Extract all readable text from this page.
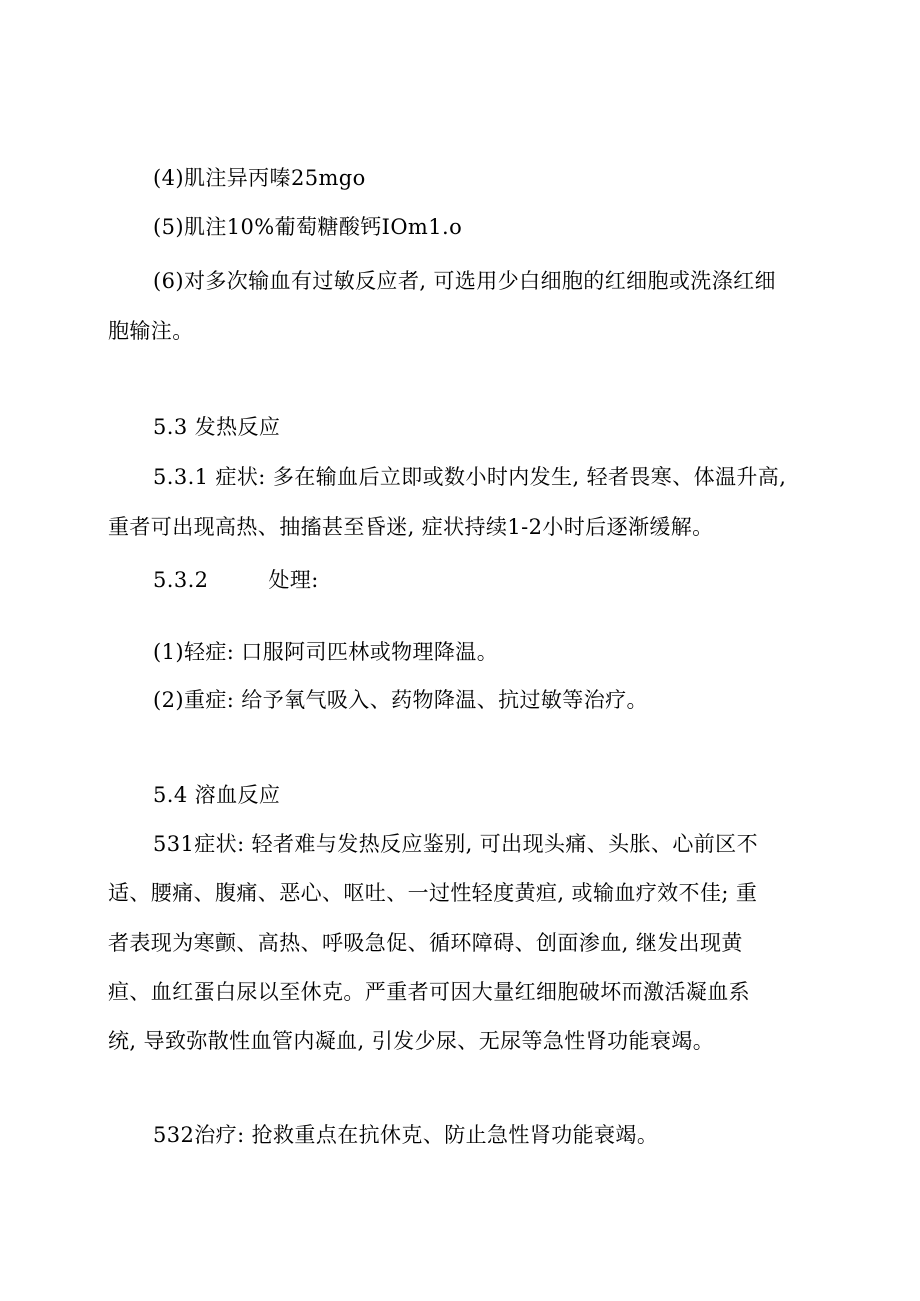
(4)肌注异丙嗪25mgo
(5)肌注10%葡萄糖酸钙IOm1.o
(6)对多次输血有过敏反应者, 可选用少白细胞的红细胞或洗涤红细
胞输注。
5.3 发热反应
5.3.1 症状: 多在输血后立即或数小时内发生, 轻者畏寒、体温升高,
重者可出现高热、抽搐甚至昏迷, 症状持续1-2小时后逐渐缓解。
5.3.2	处理:
(1)轻症: 口服阿司匹林或物理降温。
(2)重症: 给予氧气吸入、药物降温、抗过敏等治疗。
5.4 溶血反应
531症状: 轻者难与发热反应鉴别, 可出现头痛、头胀、心前区不
适、腰痛、腹痛、恶心、呕吐、一过性轻度黄疸, 或输血疗效不佳; 重
者表现为寒颤、高热、呼吸急促、循环障碍、创面渗血, 继发出现黄
疸、血红蛋白尿以至休克。严重者可因大量红细胞破坏而激活凝血系
统, 导致弥散性血管内凝血, 引发少尿、无尿等急性肾功能衰竭。
532治疗: 抢救重点在抗休克、防止急性肾功能衰竭。
